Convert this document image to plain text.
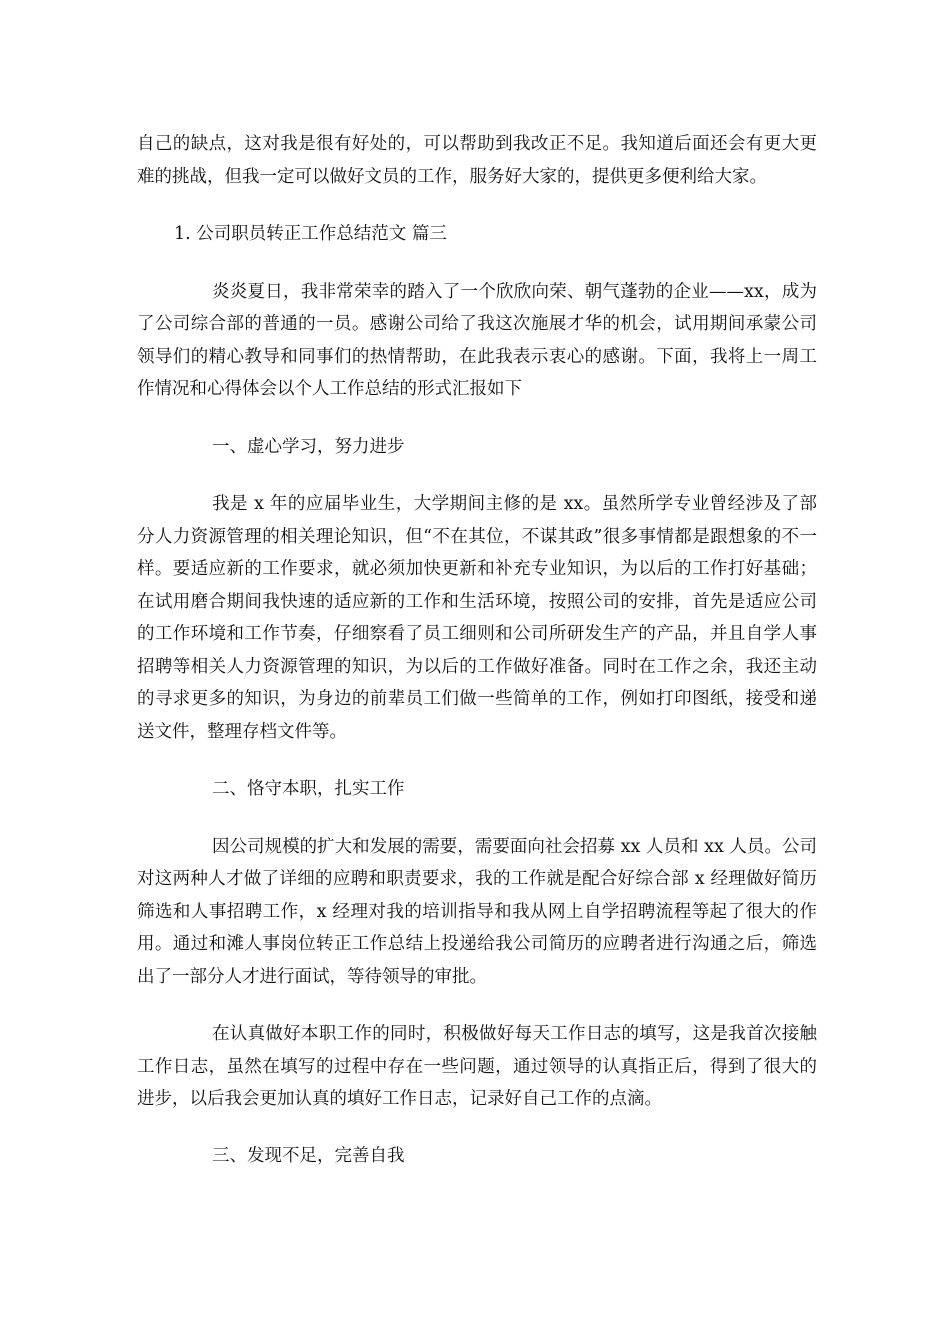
自己的缺点，这对我是很有好处的，可以帮助到我改正不足。我知道后面还会有更大更难的挑战，但我一定可以做好文员的工作，服务好大家的，提供更多便利给大家。

1. 公司职员转正工作总结范文 篇三

炎炎夏日，我非常荣幸的踏入了一个欣欣向荣、朝气蓬勃的企业——xx，成为了公司综合部的普通的一员。感谢公司给了我这次施展才华的机会，试用期间承蒙公司领导们的精心教导和同事们的热情帮助，在此我表示衷心的感谢。下面，我将上一周工作情况和心得体会以个人工作总结的形式汇报如下

一、虚心学习，努力进步

我是 x 年的应届毕业生，大学期间主修的是 xx。虽然所学专业曾经涉及了部分人力资源管理的相关理论知识，但“不在其位，不谋其政”很多事情都是跟想象的不一样。要适应新的工作要求，就必须加快更新和补充专业知识，为以后的工作打好基础；在试用磨合期间我快速的适应新的工作和生活环境，按照公司的安排，首先是适应公司的工作环境和工作节奏，仔细察看了员工细则和公司所研发生产的产品，并且自学人事招聘等相关人力资源管理的知识，为以后的工作做好准备。同时在工作之余，我还主动的寻求更多的知识，为身边的前辈员工们做一些简单的工作，例如打印图纸，接受和递送文件，整理存档文件等。

二、恪守本职，扎实工作

因公司规模的扩大和发展的需要，需要面向社会招募 xx 人员和 xx 人员。公司对这两种人才做了详细的应聘和职责要求，我的工作就是配合好综合部 x 经理做好简历筛选和人事招聘工作，x 经理对我的培训指导和我从网上自学招聘流程等起了很大的作用。通过和滩人事岗位转正工作总结上投递给我公司简历的应聘者进行沟通之后，筛选出了一部分人才进行面试，等待领导的审批。

在认真做好本职工作的同时，积极做好每天工作日志的填写，这是我首次接触工作日志，虽然在填写的过程中存在一些问题，通过领导的认真指正后，得到了很大的进步，以后我会更加认真的填好工作日志，记录好自己工作的点滴。

三、发现不足，完善自我
